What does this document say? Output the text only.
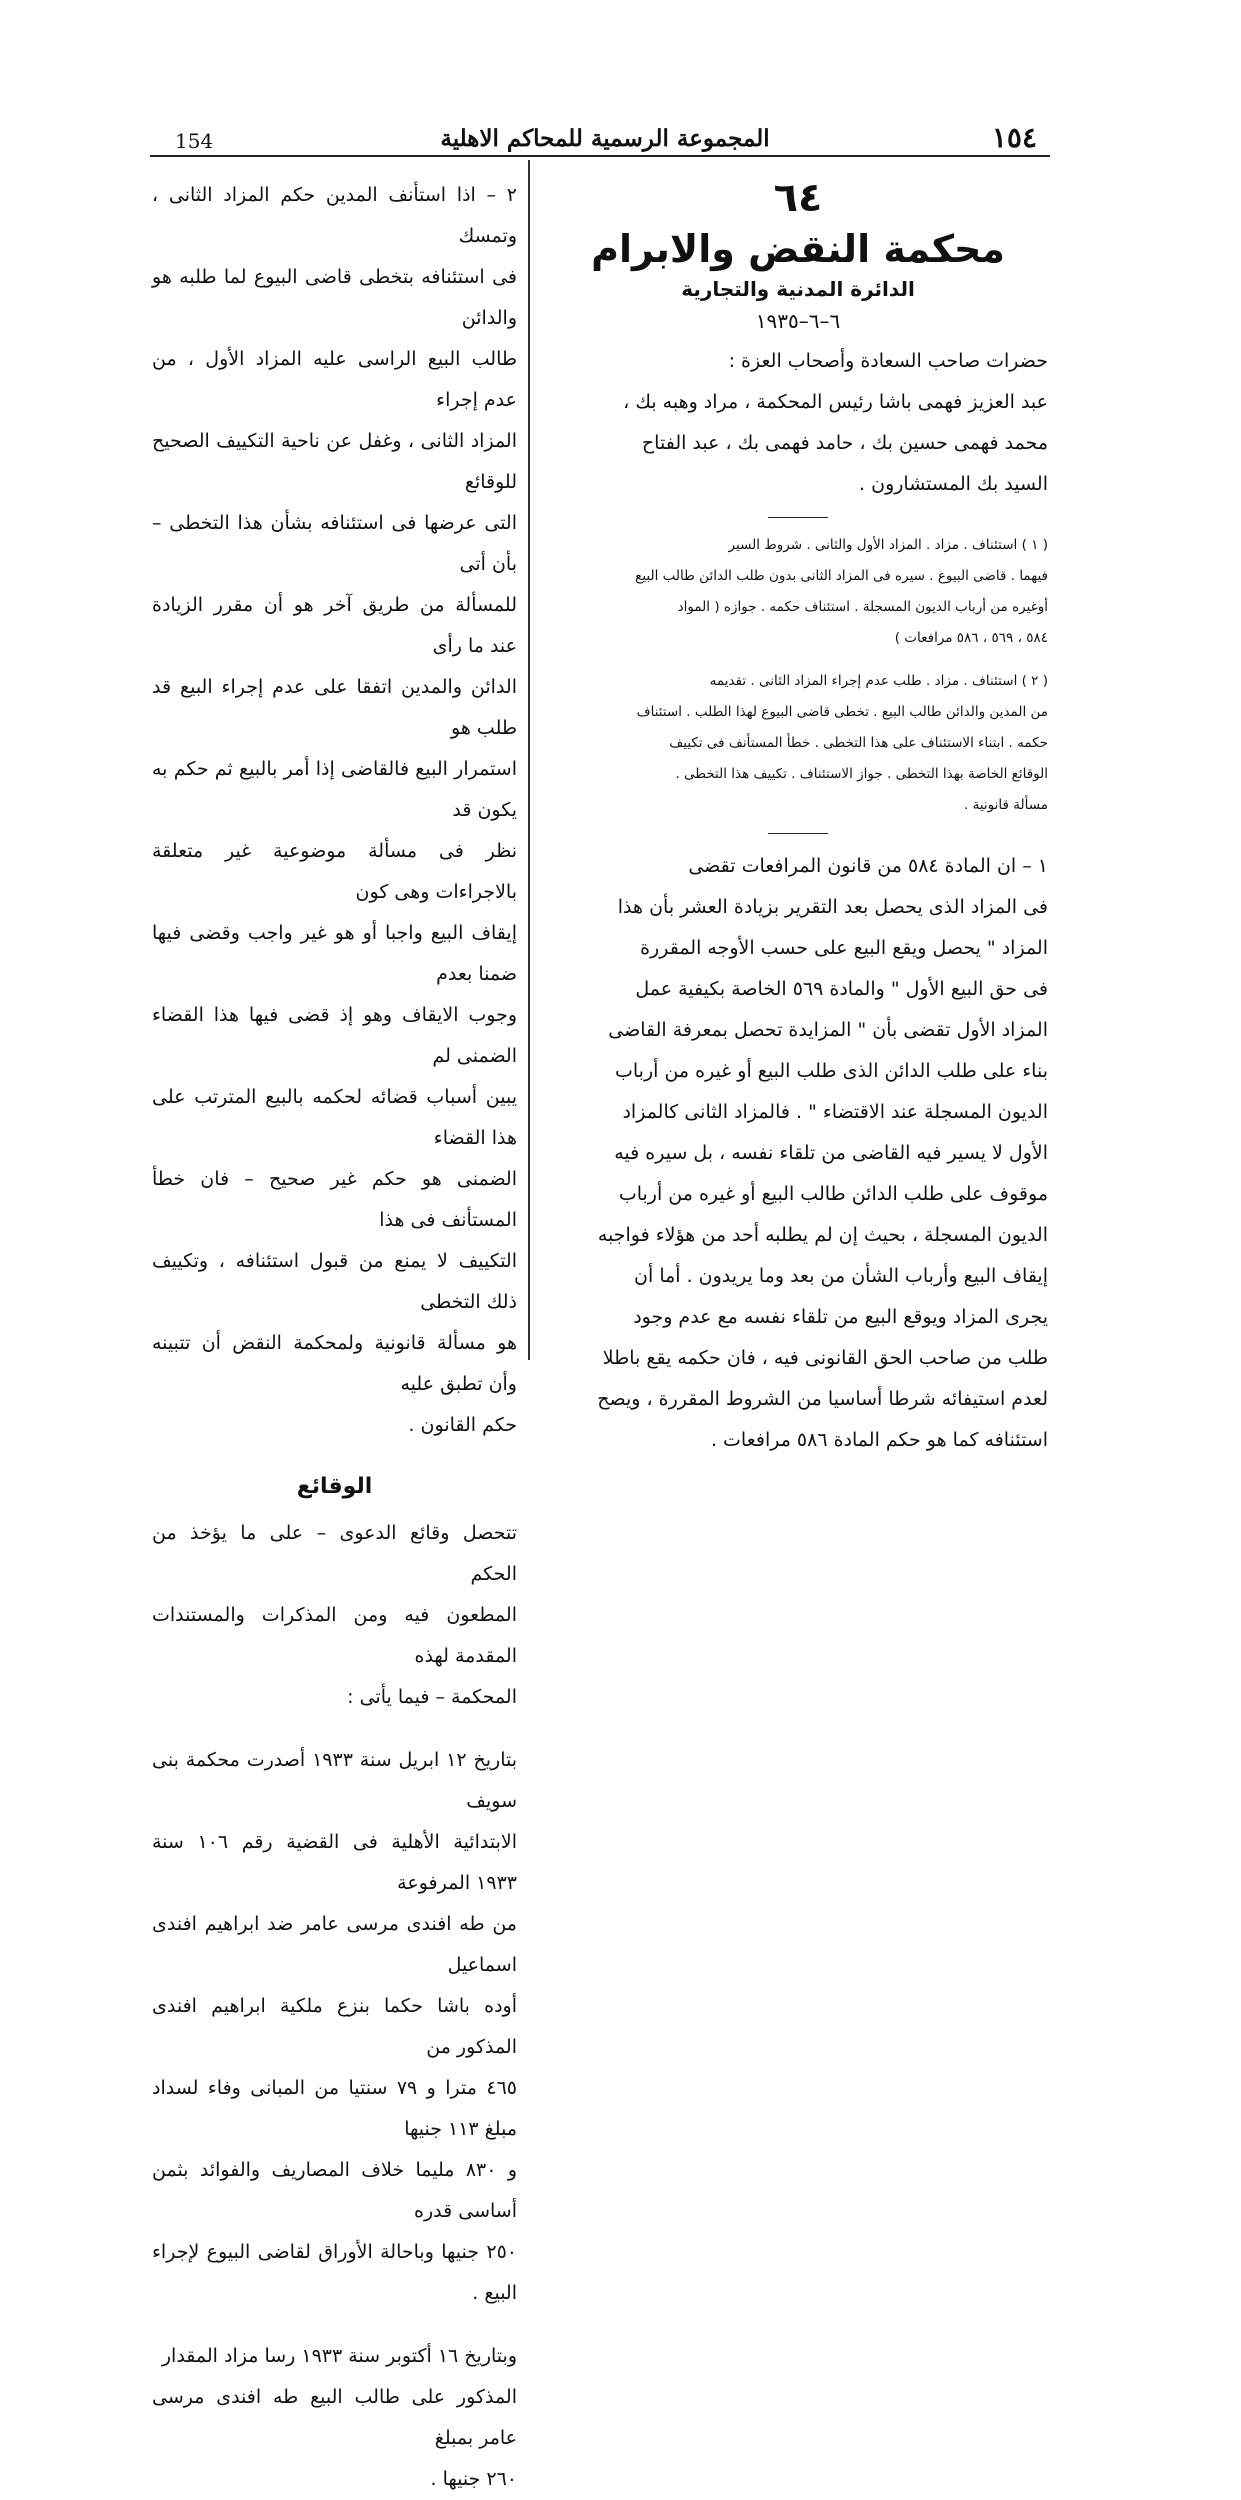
154	المجموعة الرسمية للمحاكم الاهلية	١٥٤
٦٤
محكمة النقض والابرام
الدائرة المدنية والتجارية
٦–٦–١٩٣٥

حضرات صاحب السعادة وأصحاب العزة :

عبد العزيز فهمى باشا رئيس المحكمة ، مراد وهبه بك ،

محمد فهمى حسين بك ، حامد فهمى بك ، عبد الفتاح

السيد بك المستشارون .

( ١ ) استئناف . مزاد . المزاد الأول والثانى . شروط السير

فيهما . قاضى البيوع . سيره فى المزاد الثانى بدون طلب الدائن طالب البيع

أوغيره من أرباب الديون المسجلة . استئناف حكمه . جوازه ( المواد

٥٨٤ ، ٥٦٩ ، ٥٨٦ مرافعات )

( ٢ ) استئناف . مزاد . طلب عدم إجراء المزاد الثانى . تقديمه

من المدين والدائن طالب البيع . تخطى قاضى البيوع لهذا الطلب . استئناف

حكمه . ابتناء الاستئناف على هذا التخطى . خطأ المستأنف فى تكييف

الوقائع الخاصة بهذا التخطى . جواز الاستئناف . تكييف هذا التخطى .

مسألة قانونية .

١ – ان المادة ٥٨٤ من قانون المرافعات تقضى

فى المزاد الذى يحصل بعد التقرير بزيادة العشر بأن هذا

المزاد " يحصل ويقع البيع على حسب الأوجه المقررة

فى حق البيع الأول " والمادة ٥٦٩ الخاصة بكيفية عمل

المزاد الأول تقضى بأن " المزايدة تحصل بمعرفة القاضى

بناء على طلب الدائن الذى طلب البيع أو غيره من أرباب

الديون المسجلة عند الاقتضاء " . فالمزاد الثانى كالمزاد

الأول لا يسير فيه القاضى من تلقاء نفسه ، بل سيره فيه

موقوف على طلب الدائن طالب البيع أو غيره من أرباب

الديون المسجلة ، بحيث إن لم يطلبه أحد من هؤلاء فواجبه

إيقاف البيع وأرباب الشأن من بعد وما يريدون . أما أن

يجرى المزاد ويوقع البيع من تلقاء نفسه مع عدم وجود

طلب من صاحب الحق القانونى فيه ، فان حكمه يقع باطلا

لعدم استيفائه شرطا أساسيا من الشروط المقررة ، ويصح

استئنافه كما هو حكم المادة ٥٨٦ مرافعات .

٢ – اذا استأنف المدين حكم المزاد الثانى ، وتمسك

فى استئنافه بتخطى قاضى البيوع لما طلبه هو والدائن

طالب البيع الراسى عليه المزاد الأول ، من عدم إجراء

المزاد الثانى ، وغفل عن ناحية التكييف الصحيح للوقائع

التى عرضها فى استئنافه بشأن هذا التخطى – بأن أتى

للمسألة من طريق آخر هو أن مقرر الزيادة عند ما رأى

الدائن والمدين اتفقا على عدم إجراء البيع قد طلب هو

استمرار البيع فالقاضى إذا أمر بالبيع ثم حكم به يكون قد

نظر فى مسألة موضوعية غير متعلقة بالاجراءات وهى كون

إيقاف البيع واجبا أو هو غير واجب وقضى فيها ضمنا بعدم

وجوب الايقاف وهو إذ قضى فيها هذا القضاء الضمنى لم

يبين أسباب قضائه لحكمه بالبيع المترتب على هذا القضاء

الضمنى هو حكم غير صحيح – فان خطأ المستأنف فى هذا

التكييف لا يمنع من قبول استئنافه ، وتكييف ذلك التخطى

هو مسألة قانونية ولمحكمة النقض أن تتبينه وأن تطبق عليه

حكم القانون .

الوقائع

تتحصل وقائع الدعوى – على ما يؤخذ من الحكم

المطعون فيه ومن المذكرات والمستندات المقدمة لهذه

المحكمة – فيما يأتى :

بتاريخ ١٢ ابريل سنة ١٩٣٣ أصدرت محكمة بنى سويف

الابتدائية الأهلية فى القضية رقم ١٠٦ سنة ١٩٣٣ المرفوعة

من طه افندى مرسى عامر ضد ابراهيم افندى اسماعيل

أوده باشا حكما بنزع ملكية ابراهيم افندى المذكور من

٤٦٥ مترا و ٧٩ سنتيا من المبانى وفاء لسداد مبلغ ١١٣ جنيها

و ٨٣٠ مليما خلاف المصاريف والفوائد بثمن أساسى قدره

٢٥٠ جنيها وباحالة الأوراق لقاضى البيوع لإجراء البيع .

وبتاريخ ١٦ أكتوبر سنة ١٩٣٣ رسا مزاد المقدار

المذكور على طالب البيع طه افندى مرسى عامر بمبلغ

٢٦٠ جنيها .
